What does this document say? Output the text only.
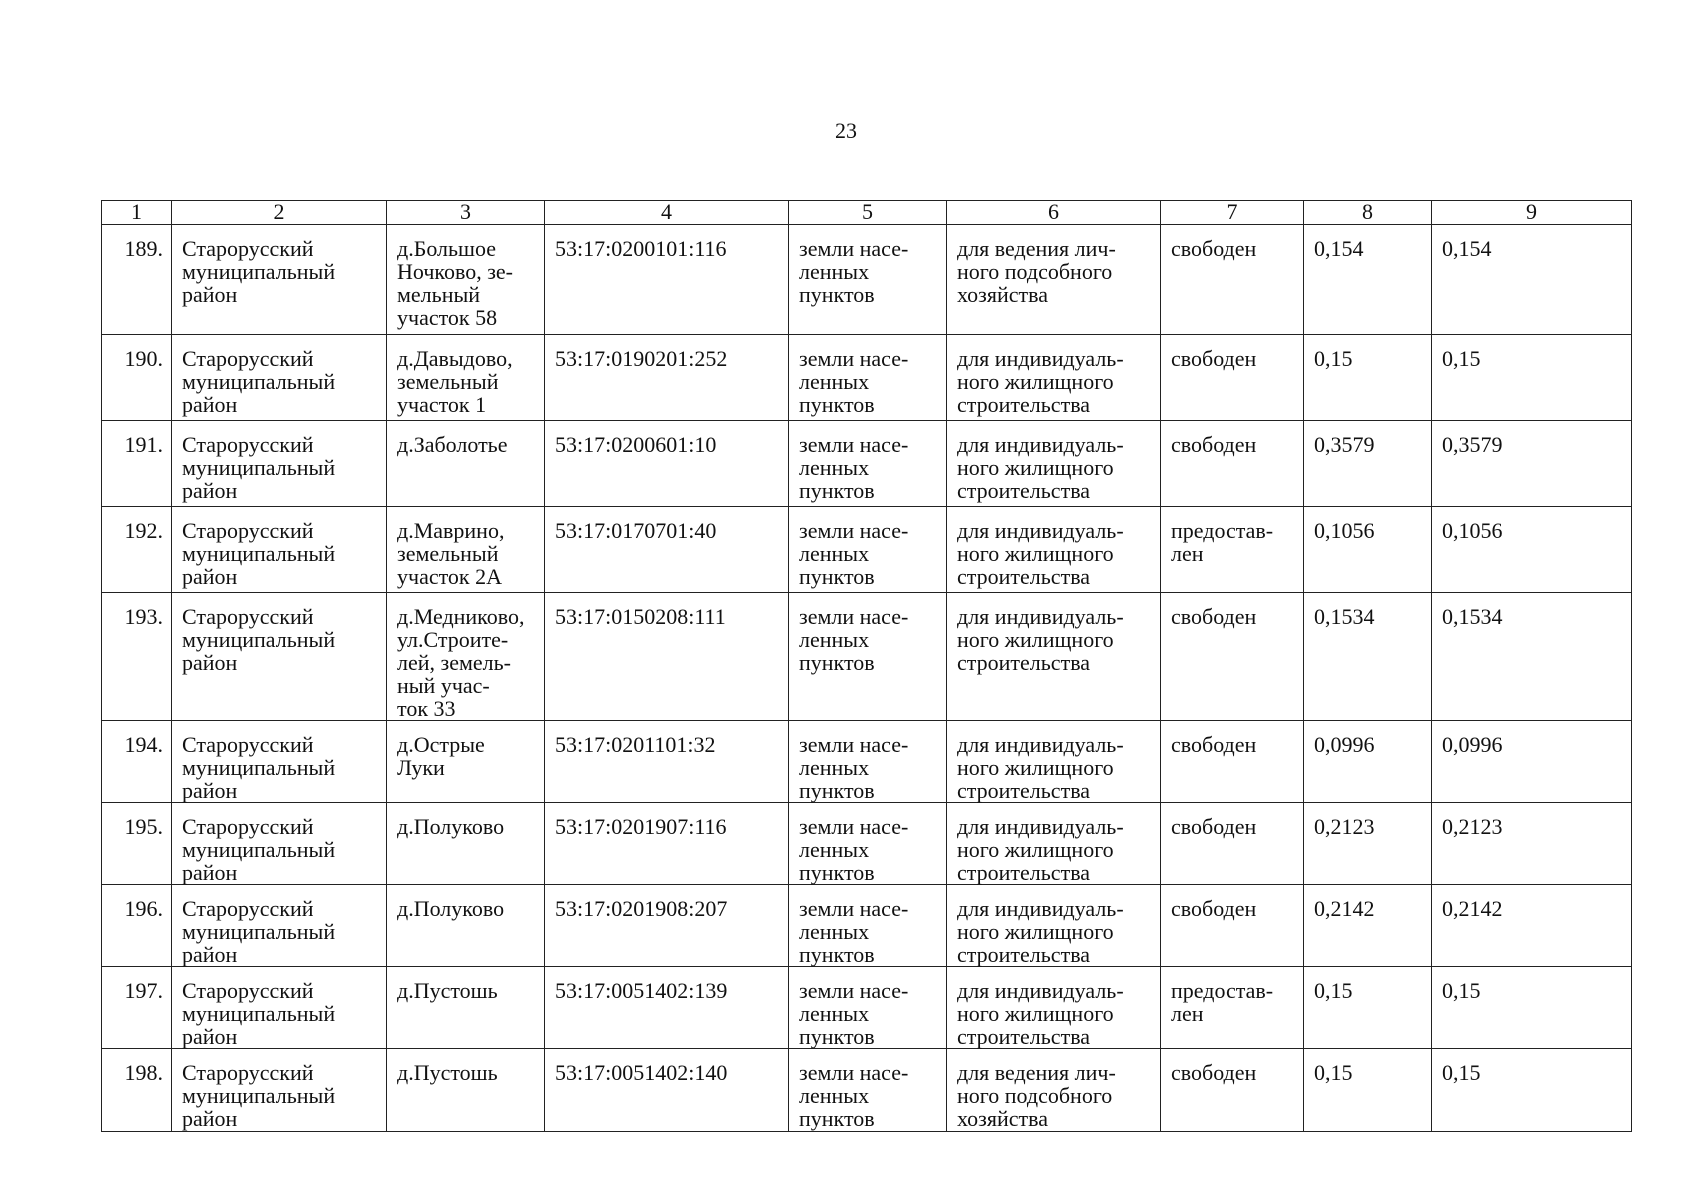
23
1	2	3	4	5	6	7	8	9

189.	Старорусский
муниципальный
район	д.Большое
Ночково, зе-
мельный
участок 58	53:17:0200101:116	земли насе-
ленных
пунктов	для ведения лич-
ного подсобного
хозяйства	свободен	0,154	0,154

190.	Старорусский
муниципальный
район	д.Давыдово,
земельный
участок 1	53:17:0190201:252	земли насе-
ленных
пунктов	для индивидуаль-
ного жилищного
строительства	свободен	0,15	0,15

191.	Старорусский
муниципальный
район	д.Заболотье	53:17:0200601:10	земли насе-
ленных
пунктов	для индивидуаль-
ного жилищного
строительства	свободен	0,3579	0,3579

192.	Старорусский
муниципальный
район	д.Маврино,
земельный
участок 2А	53:17:0170701:40	земли насе-
ленных
пунктов	для индивидуаль-
ного жилищного
строительства	предостав-
лен	0,1056	0,1056

193.	Старорусский
муниципальный
район	д.Медниково,
ул.Строите-
лей, земель-
ный учас-
ток 33	53:17:0150208:111	земли насе-
ленных
пунктов	для индивидуаль-
ного жилищного
строительства	свободен	0,1534	0,1534

194.	Старорусский
муниципальный
район	д.Острые
Луки	53:17:0201101:32	земли насе-
ленных
пунктов	для индивидуаль-
ного жилищного
строительства	свободен	0,0996	0,0996

195.	Старорусский
муниципальный
район	д.Полуково	53:17:0201907:116	земли насе-
ленных
пунктов	для индивидуаль-
ного жилищного
строительства	свободен	0,2123	0,2123

196.	Старорусский
муниципальный
район	д.Полуково	53:17:0201908:207	земли насе-
ленных
пунктов	для индивидуаль-
ного жилищного
строительства	свободен	0,2142	0,2142

197.	Старорусский
муниципальный
район	д.Пустошь	53:17:0051402:139	земли насе-
ленных
пунктов	для индивидуаль-
ного жилищного
строительства	предостав-
лен	0,15	0,15

198.	Старорусский
муниципальный
район	д.Пустошь	53:17:0051402:140	земли насе-
ленных
пунктов	для ведения лич-
ного подсобного
хозяйства	свободен	0,15	0,15
